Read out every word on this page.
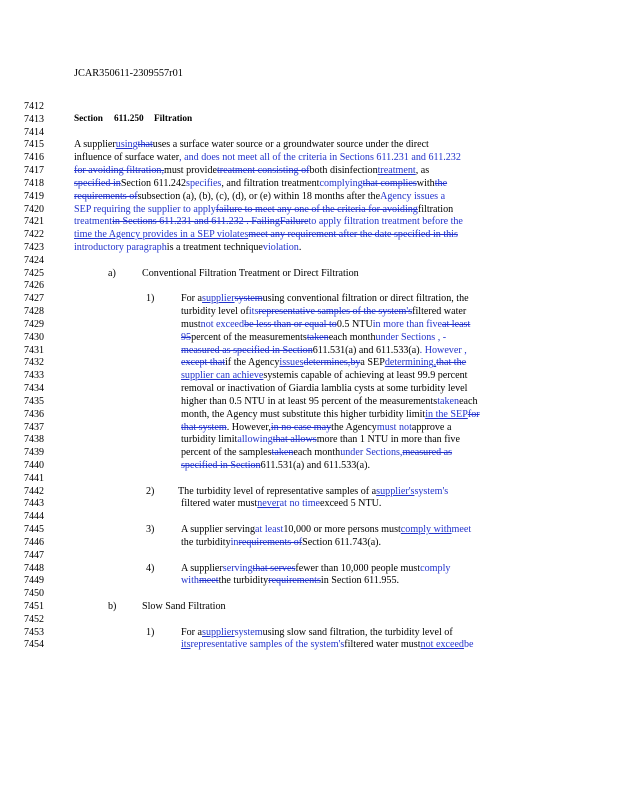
JCAR350611-2309557r01
7412
7413
7414
7415
7416
7417
7418
7419
7420
7421
7422
7423
7424
7425
7426
7427
7428
7429
7430
7431
7432
7433
7434
7435
7436
7437
7438
7439
7440
7441
7442
7443
7444
7445
7446
7447
7448
7449
7450
7451
7452
7453
7454
Section 611.250 Filtration
A supplier using that uses a surface water source or a groundwater source under the direct
influence of surface water , and does not meet all of the criteria in Sections 611.231 and 611.232
for avoiding filtration, must provide treatment consisting of both disinfection treatment , as
specified in Section 611.242 specifies , and filtration treatment complying that complies with the
requirements of subsection (a), (b), (c), (d), or (e) within 18 months after the Agency issues a
SEP requiring the supplier to apply failure to meet any one of the criteria for avoiding filtration
treatment in Sections 611.231 and 611.232 . Failing Failure to apply filtration treatment before the
time the Agency provides in a SEP violates meet any requirement after the date specified in this
introductory paragraph is a treatment technique violation .
a)	Conventional Filtration Treatment or Direct Filtration
1)	For a supplier system using conventional filtration or direct filtration, the
turbidity level of its representative samples of the system's filtered water
must not exceed be less than or equal to 0.5 NTU in more than five at least
95 percent of the measurements taken each month under Sections , -
measured as specified in Section 611.531(a) and 611.533(a) . However ,
except that if the Agency issues determines, by a SEP determining, that the
supplier can achieve system is capable of achieving at least 99.9 percent
removal or inactivation of Giardia lamblia cysts at some turbidity level
higher than 0.5 NTU in at least 95 percent of the measurements taken each
month, the Agency must substitute this higher turbidity limit in the SEP for
that system . However, in no case may the Agency must not approve a
turbidity limit allowing that allows more than 1 NTU in more than five
percent of the samples taken each month under Sections, measured as
specified in Section 611.531(a) and 611.533(a).
2) The turbidity level of representative samples of a supplier's system's
filtered water must never at no time exceed 5 NTU.
3)	A supplier serving at least 10,000 or more persons must comply with meet
the turbidity in requirements of Section 611.743(a).
4)	A supplier serving that serves fewer than 10,000 people must comply
with meet the turbidity requirements in Section 611.955.
b)	Slow Sand Filtration
1)	For a supplier system using slow sand filtration, the turbidity level of
its representative samples of the system's filtered water must not exceed be
